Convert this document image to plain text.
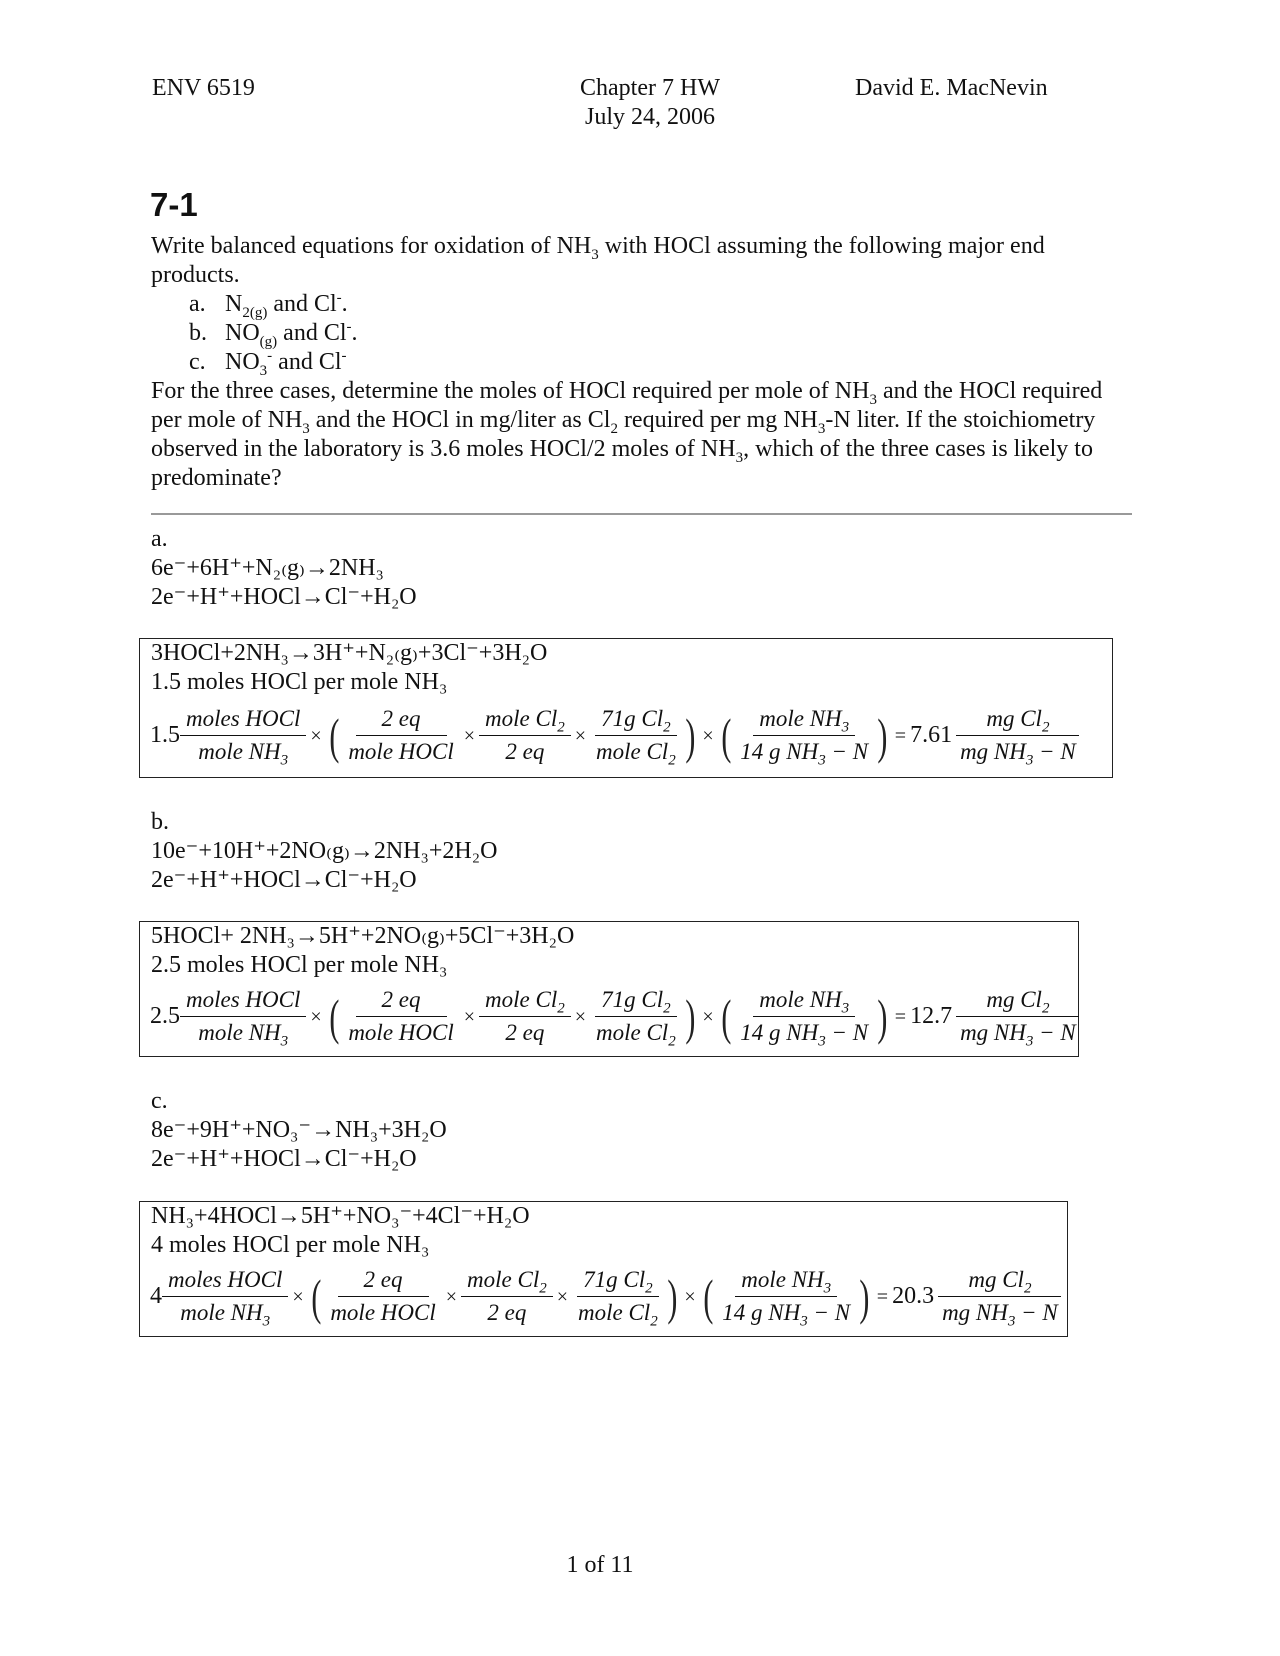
ENV 6519	Chapter 7 HW
July 24, 2006
David E. MacNevin
7-1
Write balanced equations for oxidation of $NH_3$ with HOCl assuming the following major end products.
a. $N_{2(g)}$ and Cl-.
b. $NO_{(g)}$ and Cl-.
c. $NO_3^-$ and Cl-
For the three cases, determine the moles of HOCl required per mole of $NH_3$ and the HOCl required per mole of $NH_3$ and the HOCl in mg/liter as $Cl_2$ required per mg $NH_3-N$ liter. If the stoichiometry observed in the laboratory is 3.6 moles HOCl/2 moles of $NH_3$, which of the three cases is likely to predominate?
a.
6e⁻+6H⁺+N₂₍g₎→2NH₃
2e⁻+H⁺+HOCl→Cl⁻+H₂O
3HOCl+2NH₃→3H⁺+N₂₍g₎+3Cl⁻+3H₂O
1.5 moles HOCl per mole NH₃
$1.5 \frac{\text{moles HOCl}}{mole NH_3}$ × ( $\frac{2 eq}{\text{mole HOCl}} \times \frac{mole Cl_2}{2 eq} \times \frac{71g Cl_2}{mole Cl_2}$ ) × ( $\frac{mole NH_3}{14 g NH_3 - N}$ ) = $7.61 \frac{mg Cl_2}{mg NH_3 - N}$
b.
10e⁻+10H⁺+2NO₍g₎→2NH₃+2H₂O
2e⁻+H⁺+HOCl→Cl⁻+H₂O
5HOCl+ 2NH₃→5H⁺+2NO₍g₎+5Cl⁻+3H₂O
2.5 moles HOCl per mole NH₃
$2.5 \frac{\text{moles HOCl}}{mole NH_3}$ × ( $\frac{2 eq}{\text{mole HOCl}} \times \frac{mole Cl_2}{2 eq} \times \frac{71g Cl_2}{mole Cl_2}$ ) × ( $\frac{mole NH_3}{14 g NH_3 - N}$ ) = $12.7 \frac{mg Cl_2}{mg NH_3 - N}$
c.
8e⁻+9H⁺+NO₃⁻→NH₃+3H₂O
2e⁻+H⁺+HOCl→Cl⁻+H₂O
NH₃+4HOCl→5H⁺+NO₃⁻+4Cl⁻+H₂O
4 moles HOCl per mole NH₃
$4 \frac{\text{moles HOCl}}{mole NH_3}$ × ( $\frac{2 eq}{\text{mole HOCl}} \times \frac{mole Cl_2}{2 eq} \times \frac{71g Cl_2}{mole Cl_2}$ ) × ( $\frac{mole NH_3}{14 g NH_3 - N}$ ) = $20.3 \frac{mg Cl_2}{mg NH_3 - N}$
1 of 11
